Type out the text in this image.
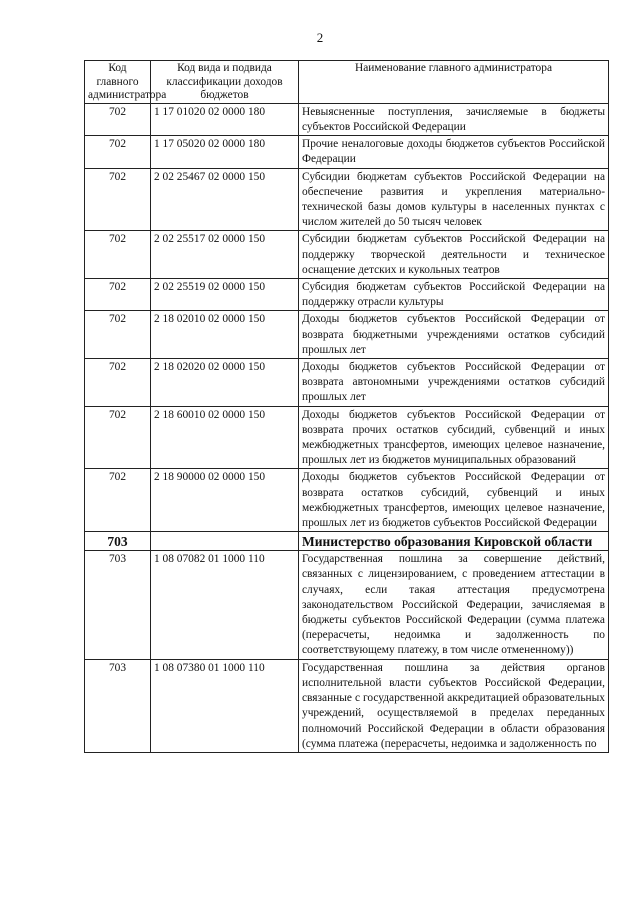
2
Код главного администратора	Код вида и подвида классификации доходов бюджетов	Наименование главного администратора
702	1 17 01020 02 0000 180	Невыясненные поступления, зачисляемые в бюджеты субъектов Российской Федерации
702	1 17 05020 02 0000 180	Прочие неналоговые доходы бюджетов субъектов Российской Федерации
702	2 02 25467 02 0000 150	Субсидии бюджетам субъектов Российской Федерации на обеспечение развития и укрепления материально-технической базы домов культуры в населенных пунктах с числом жителей до 50 тысяч человек
702	2 02 25517 02 0000 150	Субсидии бюджетам субъектов Российской Федерации на поддержку творческой деятельности и техническое оснащение детских и кукольных театров
702	2 02 25519 02 0000 150	Субсидия бюджетам субъектов Российской Федерации на поддержку отрасли культуры
702	2 18 02010 02 0000 150	Доходы бюджетов субъектов Российской Федерации от возврата бюджетными учреждениями остатков субсидий прошлых лет
702	2 18 02020 02 0000 150	Доходы бюджетов субъектов Российской Федерации от возврата автономными учреждениями остатков субсидий прошлых лет
702	2 18 60010 02 0000 150	Доходы бюджетов субъектов Российской Федерации от возврата прочих остатков субсидий, субвенций и иных межбюджетных трансфертов, имеющих целевое назначение, прошлых лет из бюджетов муниципальных образований
702	2 18 90000 02 0000 150	Доходы бюджетов субъектов Российской Федерации от возврата остатков субсидий, субвенций и иных межбюджетных трансфертов, имеющих целевое назначение, прошлых лет из бюджетов субъектов Российской Федерации
703		Министерство образования Кировской области
703	1 08 07082 01 1000 110	Государственная пошлина за совершение действий, связанных с лицензированием, с проведением аттестации в случаях, если такая аттестация предусмотрена законодательством Российской Федерации, зачисляемая в бюджеты субъектов Российской Федерации (сумма платежа (перерасчеты, недоимка и задолженность по соответствующему платежу, в том числе отмененному))
703	1 08 07380 01 1000 110	Государственная пошлина за действия органов исполнительной власти субъектов Российской Федерации, связанные с государственной аккредитацией образовательных учреждений, осуществляемой в пределах переданных полномочий Российской Федерации в области образования (сумма платежа (перерасчеты, недоимка и задолженность по
